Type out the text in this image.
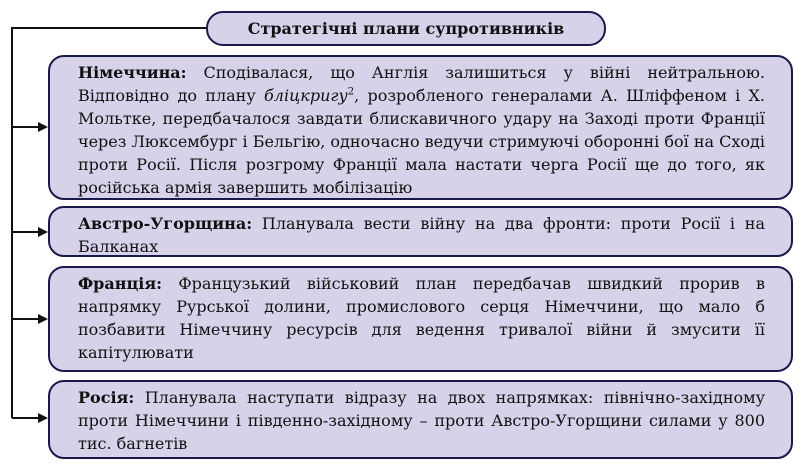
Стратегічні плани супротивників
Німеччина: Сподівалася, що Англія залишиться у війні нейтральною. Відповідно до плану бліцкригу$^2$, розробленого генералами А. Шліффеном і Х. Мольтке, передбачалося завдати блискавичного удару на Заході проти Франції через Люксембург і Бельгію, одночасно ведучи стримуючі оборонні бої на Сході проти Росії. Після розгрому Франції мала настати черга Росії ще до того, як російська армія завершить мобілізацію
Австро-Угорщина: Планувала вести війну на два фронти: проти Росії і на Балканах
Франція: Французький військовий план передбачав швидкий прорив в напрямку Рурської долини, промислового серця Німеччини, що мало б позбавити Німеччину ресурсів для ведення тривалої війни й змусити її капітулювати
Росія: Планувала наступати відразу на двох напрямках: північно-західному проти Німеччини і південно-західному – проти Австро-Угорщини силами у 800 тис. багнетів
